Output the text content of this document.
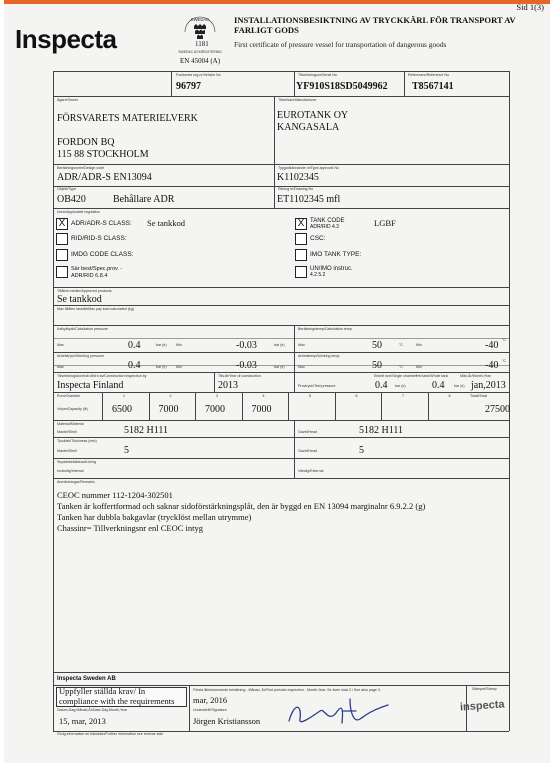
Sid 1(3)
Inspecta
SWEDAC
SWEDAC ACKREDITERING
1181
EN 45004 (A)
INSTALLATIONSBESIKTNING AV TRYCKKÄRL FÖR TRANSPORT AV FARLIGT GODS
First certificate of pressure vessel for transportation of dangerous goods
Fordonets reg.nr/Vehicle No
96797
Tillverkningsnr/Serial No
YF910S18SD5049962
Referensnr/Reference No
T8567141
Ägare/Owner
FÖRSVARETS MATERIELVERK
FORDON BQ
115 88 STOCKHOLM
Tillverkare/Manufacturer
EUROTANK OY
KANGASALA
Beräkningsnorm/Design code
ADR/ADR-S EN13094
Typgodkännande nr/Type approval No
K1102345
Objekt/Type
OB420	Behållare ADR
Ritning nr/Drawing No
ET1102345 mfl
Norm/Applicable regulation
X ADR/ADR-S CLASS: Se tankkod
RID/RID-S CLASS:
IMDG CODE CLASS:
Sär best/Spec.prov. - ADR/RID 6.8.4
X TANK CODE
ADR/RID 4.3	LGBF
CSC:
IMO TANK TYPE:
UN/IMO instruc.
4.2.5.2
Tillåtna medier/Approved products
Se tankkod
Max tillåten lastvikt/Max pay load calculated (kg)
Kalkyltryck/Calculation pressure
Max	0.4	bar (e)	Min	-0.03	bar (e)
Beräkningstemp/Calculation temp
Max	50	°C	Min	-40 °C
Arbetstryck/Working pressure
Max	0.4	bar (e)	Min	-0.03	bar (e)
Arbetstemp/Working temp
Max	50	°C	Min	-40 °C
Tillverkningskontroll utförd av/Construction inspection by
Inspecta Finland
Tillv.år/Year of construction
2013
Enkelt rum/Single chamber
Hel tank/Whole tank	Mån,År/Month,Year
Provtryck/Test pressure	0.4 bar (e)	0.4	bar (e) jan,2013
Rum/Chamber
Volym/Capacity (lit)
Totalt/Total
1
6500
2
7000
3
7000
4
7000
5	6	7	8
27500
Material/Material
Mantel/Shell	5182 H111	Gavel/Head	5182 H111
Tjocklek/Thickness (mm)
Mantel/Shell	5	Gavel/Head	5
Skyddsbeklädnad/Lining
Invändig/Internal	Vändig/External
Anmärkningar/Remarks
CEOC nummer 112-1204-302501
Tanken är koffertformad och saknar sidoförstärkningsplåt, den är byggd en EN 13094 marginalnr 6.9.2.2 (g)
Tanken har dubbla bakgavlar (trycklöst mellan utrymme)
Chassinr= Tillverkningsnr enl CEOC intyg
Inspecta Sweden AB
Uppfyller ställda krav/ In
compliance with the requirements
Första återkommande besiktning - Månad, År/First periodic inspection - Month,Year. Se även sida 3 / See also page 3.
mar, 2016
Stämpel/Stamp
inspecta
Datum-Dag,Månad,År/Date-Day,Month,Year
15, mar, 2013
Underskrift/Signature
Jörgen Kristiansson
Övrig information se baksidan/Further information see reverse side
